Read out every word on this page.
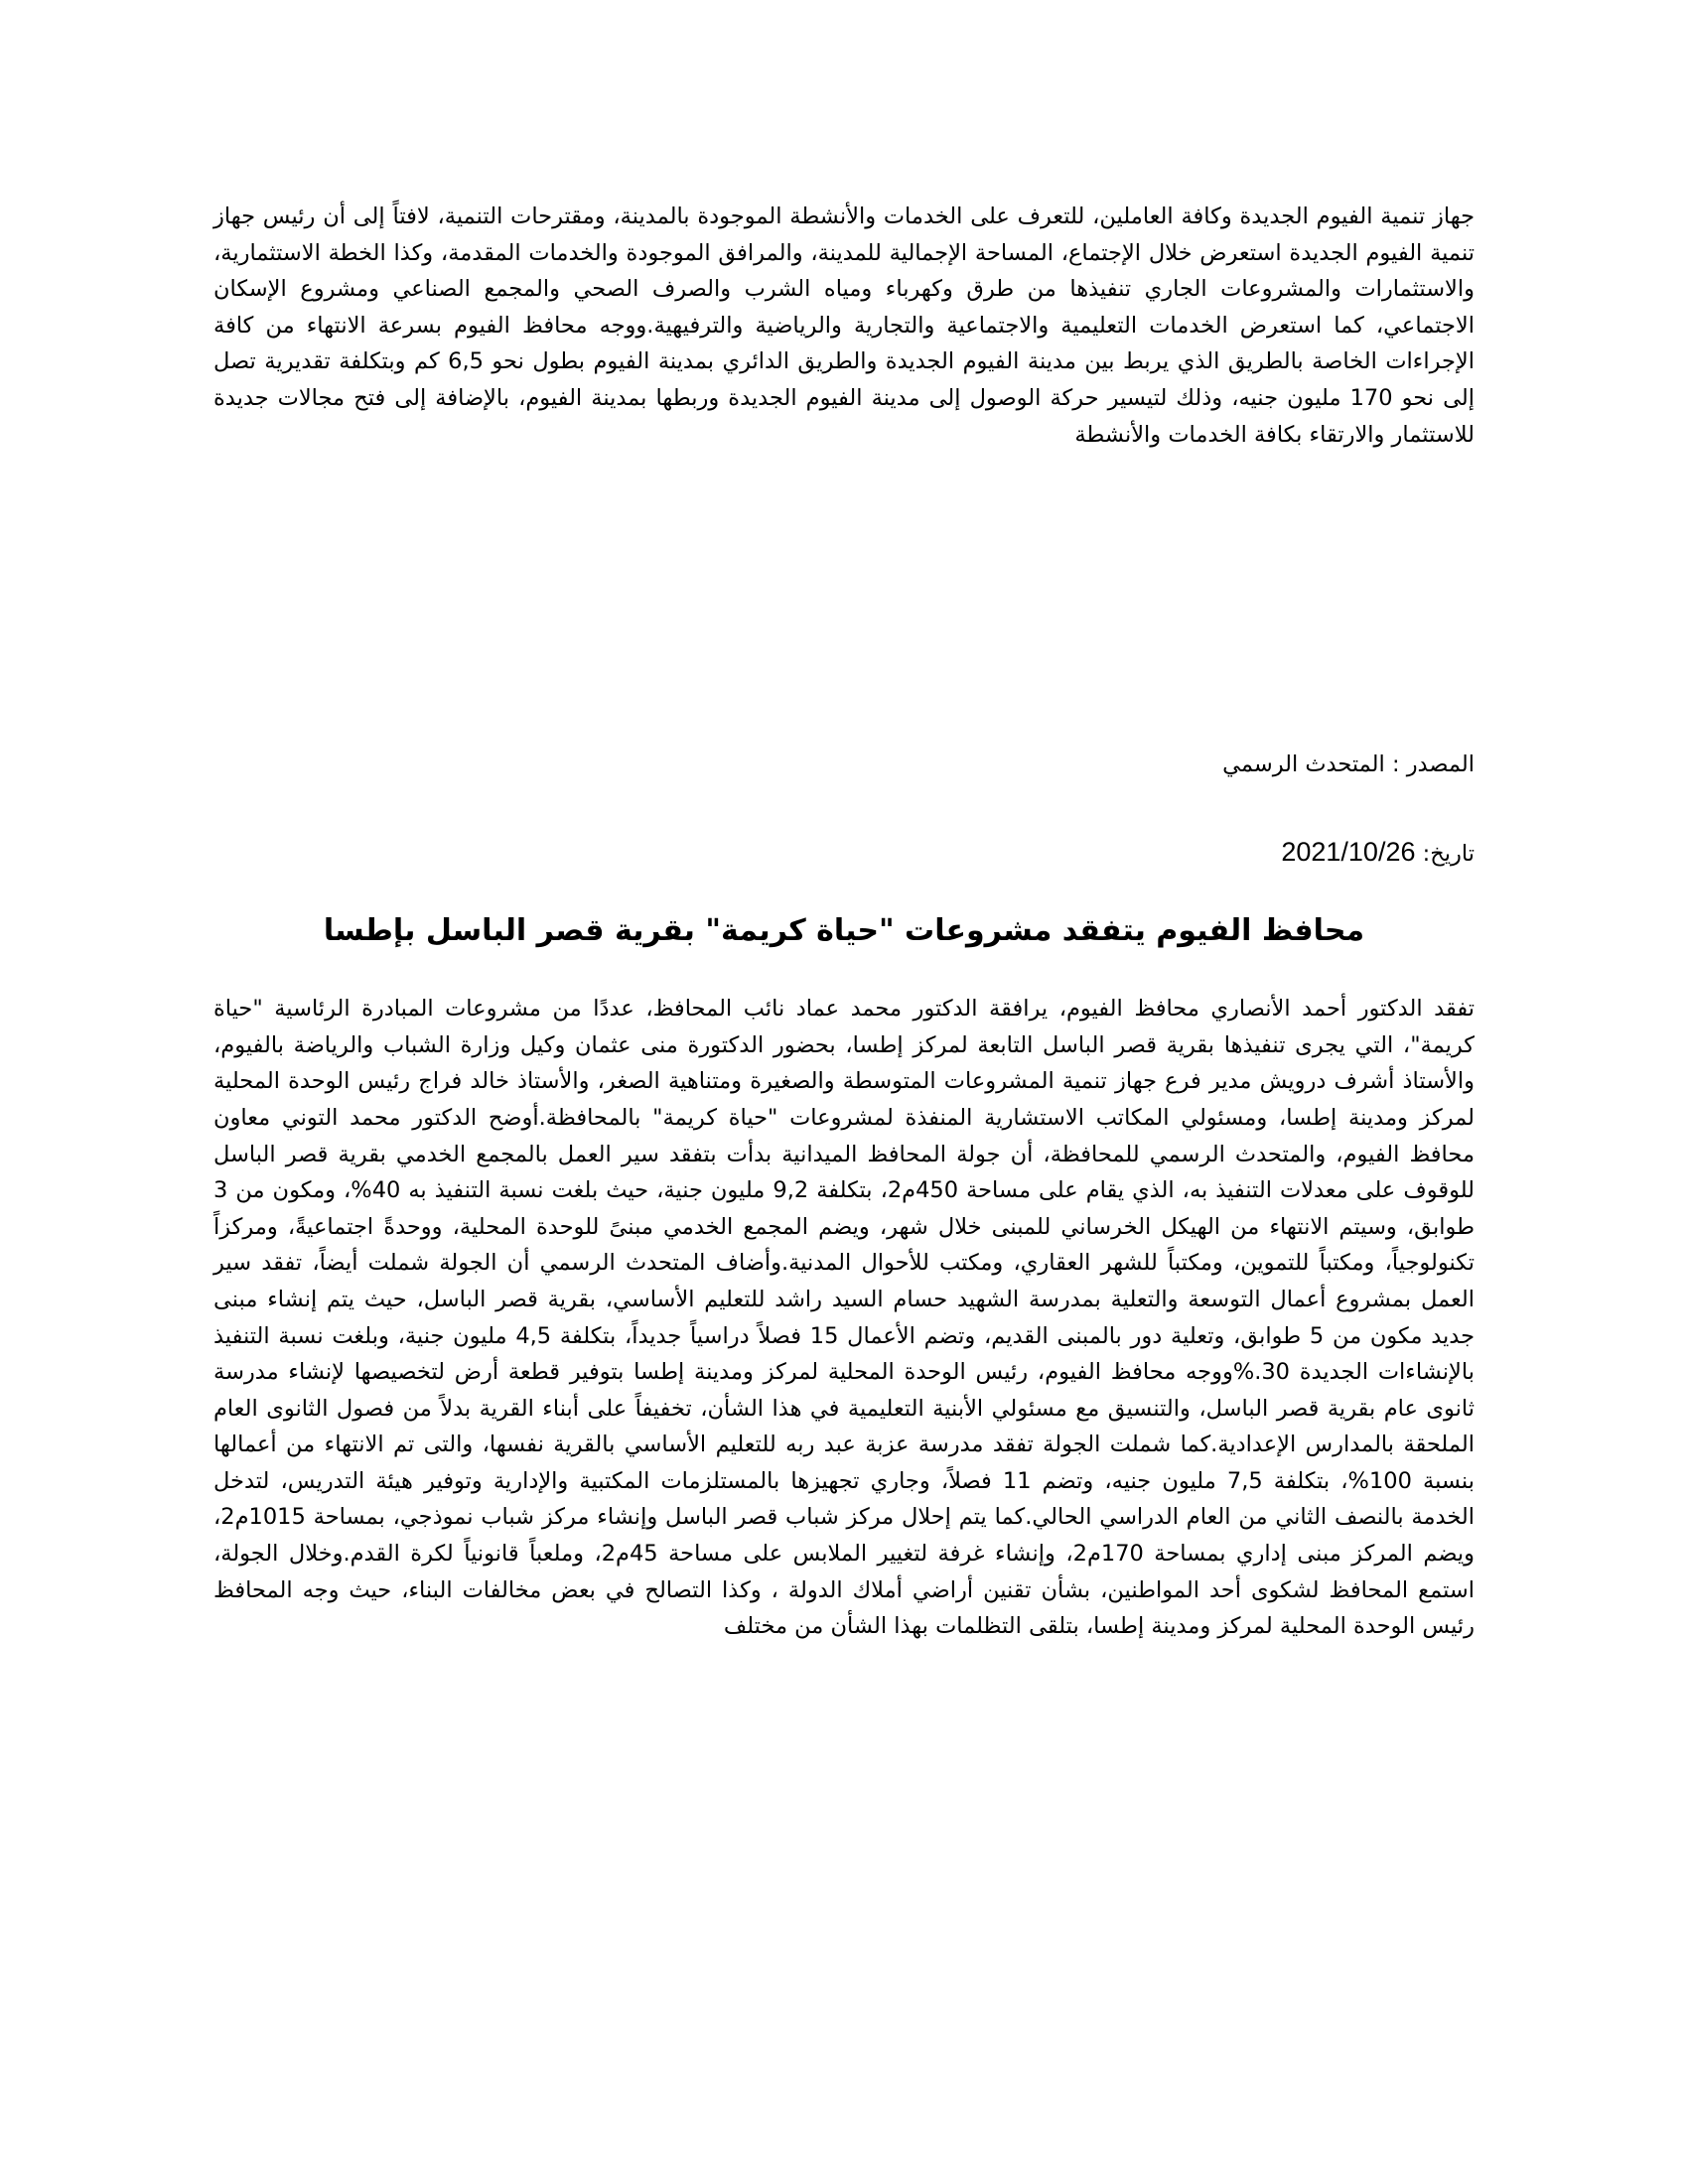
جهاز تنمية الفيوم الجديدة وكافة العاملين، للتعرف على الخدمات والأنشطة الموجودة بالمدينة، ومقترحات التنمية، لافتاً إلى أن رئيس جهاز تنمية الفيوم الجديدة استعرض خلال الإجتماع، المساحة الإجمالية للمدينة، والمرافق الموجودة والخدمات المقدمة، وكذا الخطة الاستثمارية، والاستثمارات والمشروعات الجاري تنفيذها من طرق وكهرباء ومياه الشرب والصرف الصحي والمجمع الصناعي ومشروع الإسكان الاجتماعي، كما استعرض الخدمات التعليمية والاجتماعية والتجارية والرياضية والترفيهية.ووجه محافظ الفيوم بسرعة الانتهاء من كافة الإجراءات الخاصة بالطريق الذي يربط بين مدينة الفيوم الجديدة والطريق الدائري بمدينة الفيوم بطول نحو 6,5 كم وبتكلفة تقديرية تصل إلى نحو 170 مليون جنيه، وذلك لتيسير حركة الوصول إلى مدينة الفيوم الجديدة وربطها بمدينة الفيوم، بالإضافة إلى فتح مجالات جديدة للاستثمار والارتقاء بكافة الخدمات والأنشطة

المصدر : المتحدث الرسمي

تاريخ: 2021/10/26

محافظ الفيوم يتفقد مشروعات "حياة كريمة" بقرية قصر الباسل بإطسا

تفقد الدكتور أحمد الأنصاري محافظ الفيوم، يرافقة الدكتور محمد عماد نائب المحافظ، عددًا من مشروعات المبادرة الرئاسية "حياة كريمة"، التي يجرى تنفيذها بقرية قصر الباسل التابعة لمركز إطسا، بحضور الدكتورة منى عثمان وكيل وزارة الشباب والرياضة بالفيوم، والأستاذ أشرف درويش مدير فرع جهاز تنمية المشروعات المتوسطة والصغيرة ومتناهية الصغر، والأستاذ خالد فراج رئيس الوحدة المحلية لمركز ومدينة إطسا، ومسئولي المكاتب الاستشارية المنفذة لمشروعات "حياة كريمة" بالمحافظة.أوضح الدكتور محمد التوني معاون محافظ الفيوم، والمتحدث الرسمي للمحافظة، أن جولة المحافظ الميدانية بدأت بتفقد سير العمل بالمجمع الخدمي بقرية قصر الباسل للوقوف على معدلات التنفيذ به، الذي يقام على مساحة 450م2، بتكلفة 9,2 مليون جنية، حيث بلغت نسبة التنفيذ به 40%، ومكون من 3 طوابق، وسيتم الانتهاء من الهيكل الخرساني للمبنى خلال شهر، ويضم المجمع الخدمي مبنىً للوحدة المحلية، ووحدةً اجتماعيةً، ومركزاً تكنولوجياً، ومكتباً للتموين، ومكتباً للشهر العقاري، ومكتب للأحوال المدنية.وأضاف المتحدث الرسمي أن الجولة شملت أيضاً، تفقد سير العمل بمشروع أعمال التوسعة والتعلية بمدرسة الشهيد حسام السيد راشد للتعليم الأساسي، بقرية قصر الباسل، حيث يتم إنشاء مبنى جديد مكون من 5 طوابق، وتعلية دور بالمبنى القديم، وتضم الأعمال 15 فصلاً دراسياً جديداً، بتكلفة 4,5 مليون جنية، وبلغت نسبة التنفيذ بالإنشاءات الجديدة 30.%ووجه محافظ الفيوم، رئيس الوحدة المحلية لمركز ومدينة إطسا بتوفير قطعة أرض لتخصيصها لإنشاء مدرسة ثانوى عام بقرية قصر الباسل، والتنسيق مع مسئولي الأبنية التعليمية في هذا الشأن، تخفيفاً على أبناء القرية بدلاً من فصول الثانوى العام الملحقة بالمدارس الإعدادية.كما شملت الجولة تفقد مدرسة عزبة عبد ربه للتعليم الأساسي بالقرية نفسها، والتى تم الانتهاء من أعمالها بنسبة 100%، بتكلفة 7,5 مليون جنيه، وتضم 11 فصلاً، وجاري تجهيزها بالمستلزمات المكتبية والإدارية وتوفير هيئة التدريس، لتدخل الخدمة بالنصف الثاني من العام الدراسي الحالي.كما يتم إحلال مركز شباب قصر الباسل وإنشاء مركز شباب نموذجي، بمساحة 1015م2، ويضم المركز مبنى إداري بمساحة 170م2، وإنشاء غرفة لتغيير الملابس على مساحة 45م2، وملعباً قانونياً لكرة القدم.وخلال الجولة، استمع المحافظ لشكوى أحد المواطنين، بشأن تقنين أراضي أملاك الدولة ، وكذا التصالح في بعض مخالفات البناء، حيث وجه المحافظ رئيس الوحدة المحلية لمركز ومدينة إطسا، بتلقى التظلمات بهذا الشأن من مختلف
